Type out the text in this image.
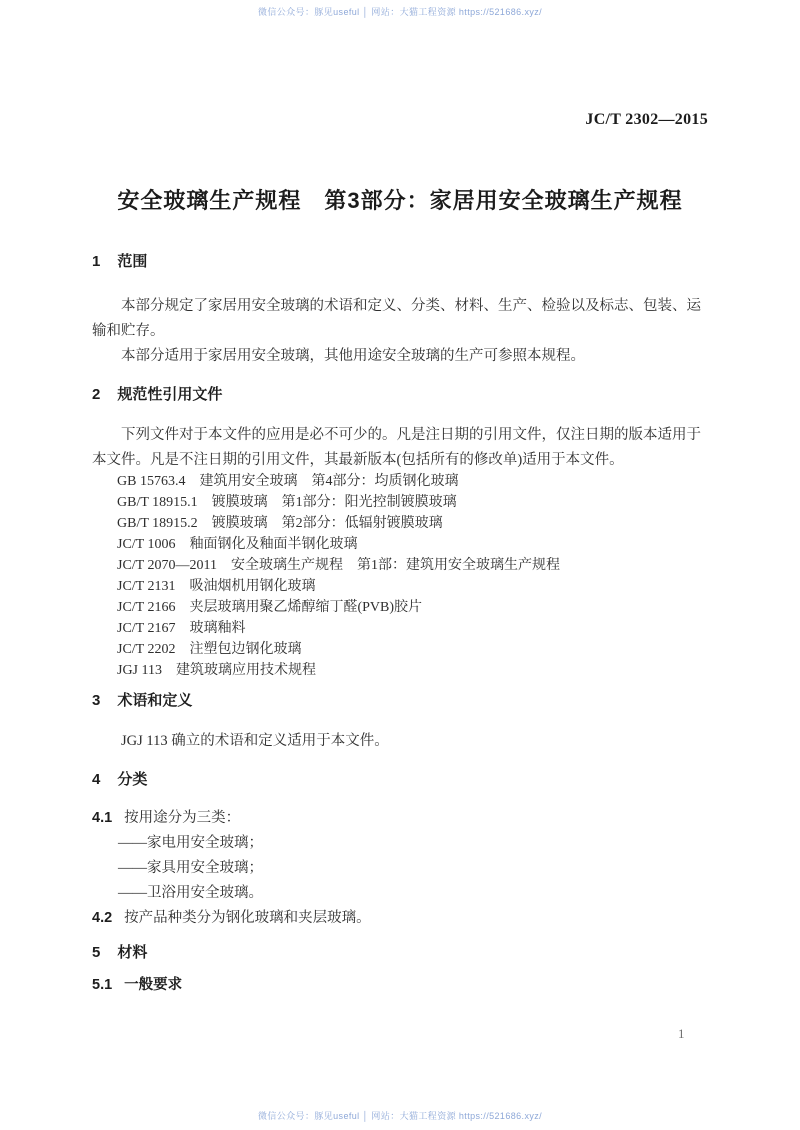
微信公众号：豚见useful │ 网站：大猫工程资源 https://521686.xyz/
JC/T 2302—2015
安全玻璃生产规程　第3部分：家居用安全玻璃生产规程
1 范围

本部分规定了家居用安全玻璃的术语和定义、分类、材料、生产、检验以及标志、包装、运输和贮存。

本部分适用于家居用安全玻璃，其他用途安全玻璃的生产可参照本规程。

2 规范性引用文件

下列文件对于本文件的应用是必不可少的。凡是注日期的引用文件，仅注日期的版本适用于本文件。凡是不注日期的引用文件，其最新版本(包括所有的修改单)适用于本文件。

GB 15763.4　建筑用安全玻璃　第4部分：均质钢化玻璃
GB/T 18915.1　镀膜玻璃　第1部分：阳光控制镀膜玻璃
GB/T 18915.2　镀膜玻璃　第2部分：低辐射镀膜玻璃
JC/T 1006　釉面钢化及釉面半钢化玻璃
JC/T 2070—2011　安全玻璃生产规程　第1部：建筑用安全玻璃生产规程
JC/T 2131　吸油烟机用钢化玻璃
JC/T 2166　夹层玻璃用聚乙烯醇缩丁醛(PVB)胶片
JC/T 2167　玻璃釉料
JC/T 2202　注塑包边钢化玻璃
JGJ 113　建筑玻璃应用技术规程
3 术语和定义

JGJ 113 确立的术语和定义适用于本文件。

4 分类

4.1 按用途分为三类：

——家电用安全玻璃；
——家具用安全玻璃；
——卫浴用安全玻璃。

4.2 按产品种类分为钢化玻璃和夹层玻璃。

5 材料
5.1 一般要求
1
微信公众号：豚见useful │ 网站：大猫工程资源 https://521686.xyz/
